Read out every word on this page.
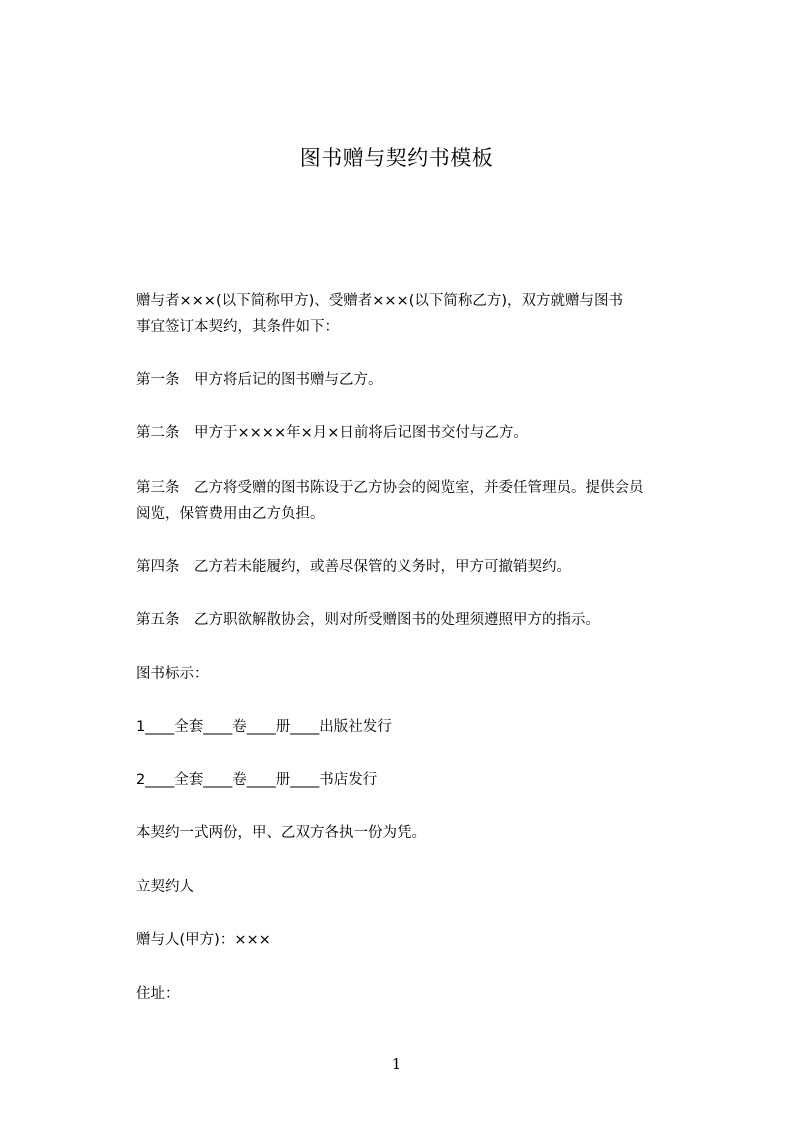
图书赠与契约书模板
赠与者×××(以下简称甲方)、受赠者×××(以下简称乙方)，双方就赠与图书
事宜签订本契约，其条件如下：
第一条　甲方将后记的图书赠与乙方。
第二条　甲方于××××年×月×日前将后记图书交付与乙方。
第三条　乙方将受赠的图书陈设于乙方协会的阅览室，并委任管理员。提供会员
阅览，保管费用由乙方负担。
第四条　乙方若未能履约，或善尽保管的义务时，甲方可撤销契约。
第五条　乙方职欲解散协会，则对所受赠图书的处理须遵照甲方的指示。
图书标示：
1____全套____卷____册____出版社发行
2____全套____卷____册____书店发行
本契约一式两份，甲、乙双方各执一份为凭。
立契约人
赠与人(甲方)：×××
住址：
1
